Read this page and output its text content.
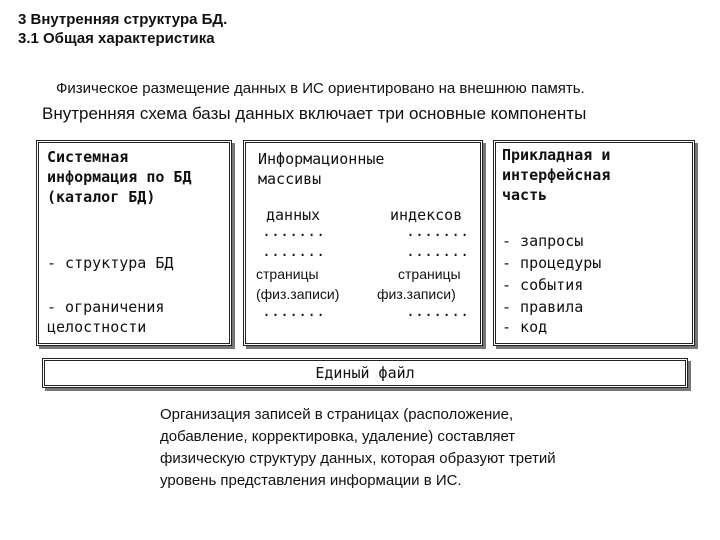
3 Внутренняя структура БД.
3.1 Общая характеристика
Физическое размещение данных в ИС ориентировано на внешнюю память.
Внутренняя схема базы данных включает три основные компоненты
Системная
информация по БД
(каталог БД)
- структура БД
- ограничения
целостности
Информационные
массивы
данных
.......
.......
страницы
(физ.записи)
.......
индексов
.......
.......
страницы
физ.записи)
.......
Прикладная и
интерфейсная
часть
- запросы
- процедуры
- события
- правила
- код
Единый файл
Организация записей в страницах (расположение,
добавление, корректировка, удаление) составляет
физическую структуру данных, которая образуют третий
уровень представления информации в ИС.
